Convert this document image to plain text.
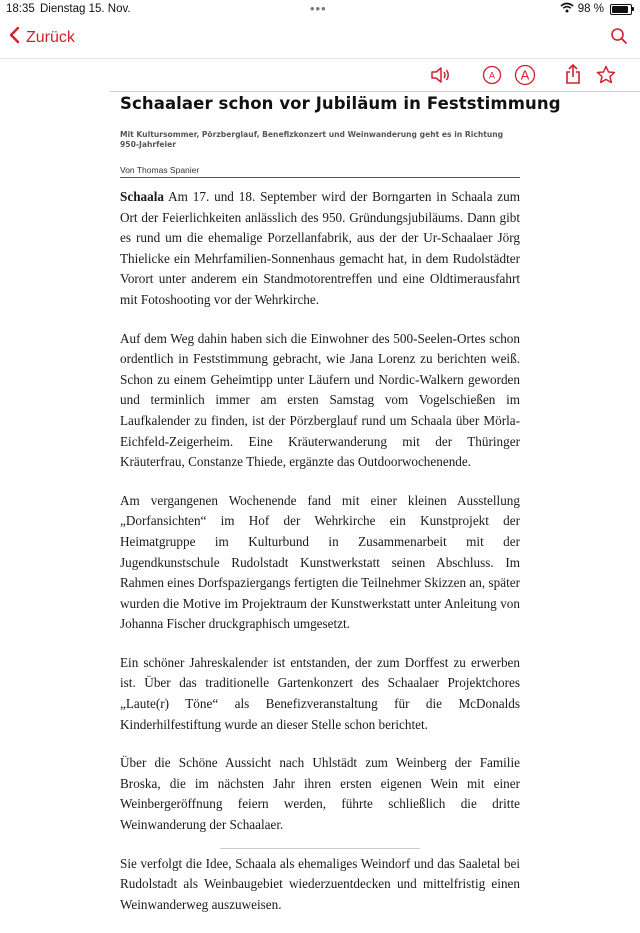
18:35 Dienstag 15. Nov.	•••	98 %
Zurück
A A
Schaalaer schon vor Jubiläum in Feststimmung
Mit Kultursommer, Pörzberglauf, Benefizkonzert und Weinwanderung geht es in Richtung 950-Jahrfeier
Von Thomas Spanier

Schaala Am 17. und 18. September wird der Borngarten in Schaala zum Ort der Feierlichkeiten anlässlich des 950. Gründungsjubiläums. Dann gibt es rund um die ehemalige Porzellanfabrik, aus der der Ur-Schaalaer Jörg Thielicke ein Mehrfamilien-Sonnenhaus gemacht hat, in dem Rudolstädter Vorort unter anderem ein Standmotorentreffen und eine Oldtimerausfahrt mit Fotoshooting vor der Wehrkirche.

Auf dem Weg dahin haben sich die Einwohner des 500-Seelen-Ortes schon ordentlich in Feststimmung gebracht, wie Jana Lorenz zu berichten weiß. Schon zu einem Geheimtipp unter Läufern und Nordic-Walkern geworden und terminlich immer am ersten Samstag vom Vogelschießen im Laufkalender zu finden, ist der Pörzberglauf rund um Schaala über Mörla-Eichfeld-Zeigerheim. Eine Kräuterwanderung mit der Thüringer Kräuterfrau, Constanze Thiede, ergänzte das Outdoorwochenende.

Am vergangenen Wochenende fand mit einer kleinen Ausstellung „Dorfansichten“ im Hof der Wehrkirche ein Kunstprojekt der Heimatgruppe im Kulturbund in Zusammenarbeit mit der Jugendkunstschule Rudolstadt Kunstwerkstatt seinen Abschluss. Im Rahmen eines Dorfspaziergangs fertigten die Teilnehmer Skizzen an, später wurden die Motive im Projektraum der Kunstwerkstatt unter Anleitung von Johanna Fischer druckgraphisch umgesetzt.

Ein schöner Jahreskalender ist entstanden, der zum Dorffest zu erwerben ist. Über das traditionelle Gartenkonzert des Schaalaer Projektchores „Laute(r) Töne“ als Benefizveranstaltung für die McDonalds Kinderhilfestiftung wurde an dieser Stelle schon berichtet.

Über die Schöne Aussicht nach Uhlstädt zum Weinberg der Familie Broska, die im nächsten Jahr ihren ersten eigenen Wein mit einer Weinbergeröffnung feiern werden, führte schließlich die dritte Weinwanderung der Schaalaer.

Sie verfolgt die Idee, Schaala als ehemaliges Weindorf und das Saaletal bei Rudolstadt als Weinbaugebiet wiederzuentdecken und mittelfristig einen Weinwanderweg auszuweisen.
